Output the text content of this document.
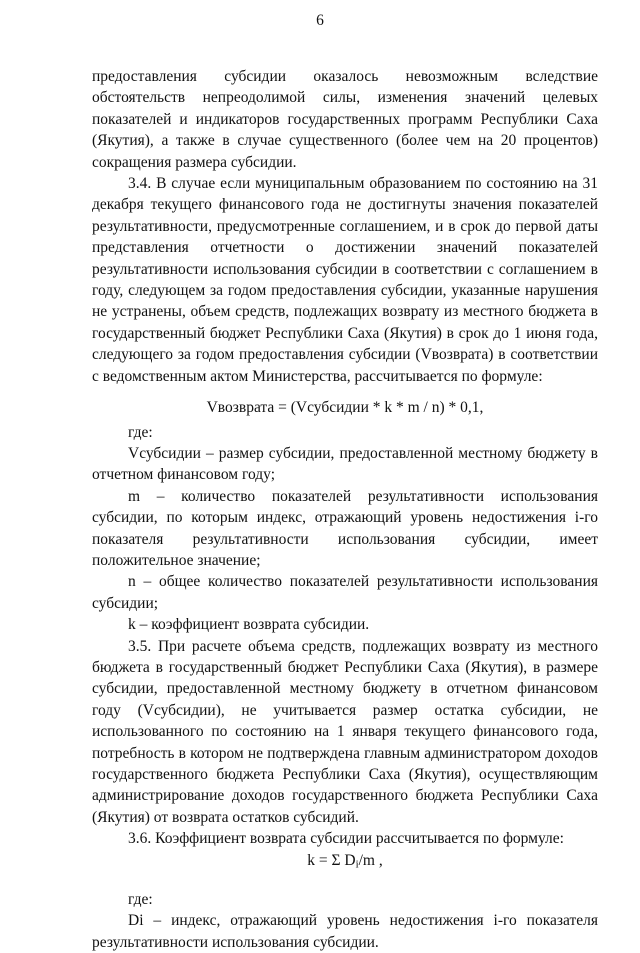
6

предоставления субсидии оказалось невозможным вследствие обстоятельств непреодолимой силы, изменения значений целевых показателей и индикаторов государственных программ Республики Саха (Якутия), а также в случае существенного (более чем на 20 процентов) сокращения размера субсидии.

3.4. В случае если муниципальным образованием по состоянию на 31 декабря текущего финансового года не достигнуты значения показателей результативности, предусмотренные соглашением, и в срок до первой даты представления отчетности о достижении значений показателей результативности использования субсидии в соответствии с соглашением в году, следующем за годом предоставления субсидии, указанные нарушения не устранены, объем средств, подлежащих возврату из местного бюджета в государственный бюджет Республики Саха (Якутия) в срок до 1 июня года, следующего за годом предоставления субсидии (Vвозврата) в соответствии с ведомственным актом Министерства, рассчитывается по формуле:

Vвозврата = (Vсубсидии * k * m / n) * 0,1,

где:

Vсубсидии – размер субсидии, предоставленной местному бюджету в отчетном финансовом году;

m – количество показателей результативности использования субсидии, по которым индекс, отражающий уровень недостижения i-го показателя результативности использования субсидии, имеет положительное значение;

n – общее количество показателей результативности использования субсидии;

k – коэффициент возврата субсидии.

3.5. При расчете объема средств, подлежащих возврату из местного бюджета в государственный бюджет Республики Саха (Якутия), в размере субсидии, предоставленной местному бюджету в отчетном финансовом году (Vсубсидии), не учитывается размер остатка субсидии, не использованного по состоянию на 1 января текущего финансового года, потребность в котором не подтверждена главным администратором доходов государственного бюджета Республики Саха (Якутия), осуществляющим администрирование доходов государственного бюджета Республики Саха (Якутия) от возврата остатков субсидий.

3.6. Коэффициент возврата субсидии рассчитывается по формуле:

k = Σ $D_i/m$ ,

где:

Di – индекс, отражающий уровень недостижения i-го показателя результативности использования субсидии.
